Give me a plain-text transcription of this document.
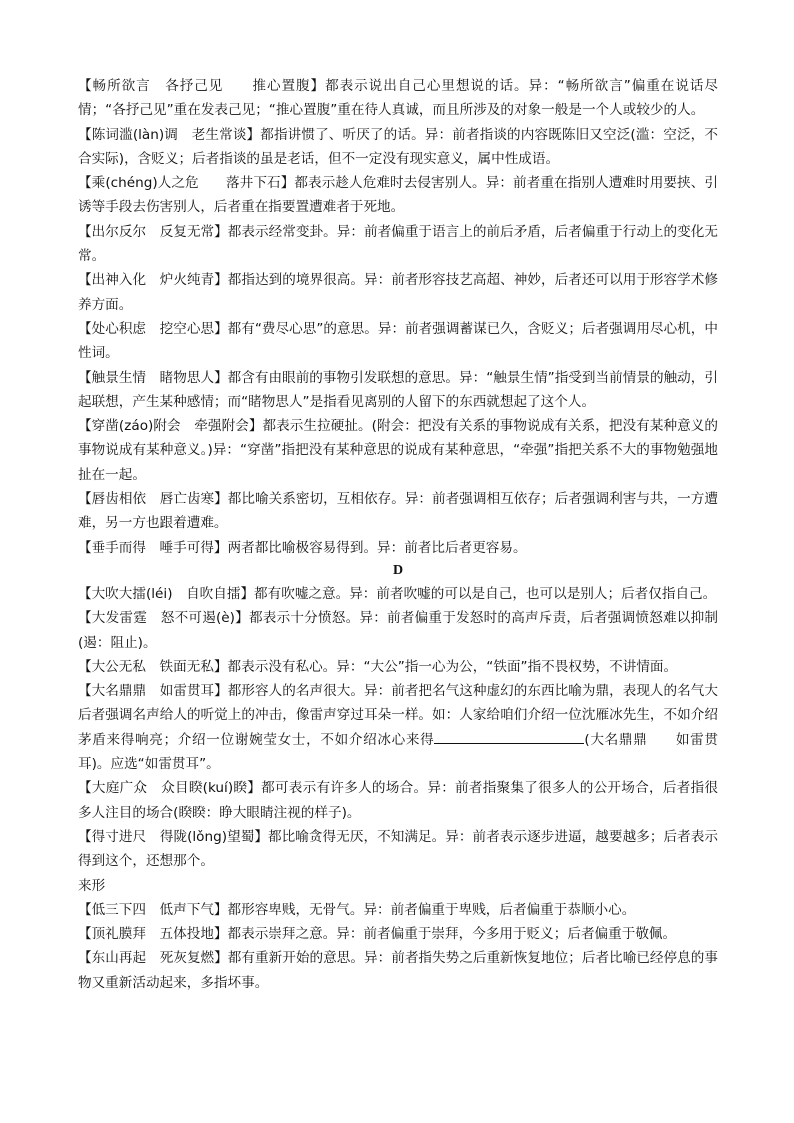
【畅所欲言　各抒己见　　推心置腹】都表示说出自己心里想说的话。异：“畅所欲言”偏重在说话尽情；“各抒己见”重在发表己见；“推心置腹”重在待人真诚，而且所涉及的对象一般是一个人或较少的人。

【陈词滥(làn)调　老生常谈】都指讲惯了、听厌了的话。异：前者指谈的内容既陈旧又空泛(滥：空泛，不合实际)，含贬义；后者指谈的虽是老话，但不一定没有现实意义，属中性成语。

【乘(chéng)人之危　　落井下石】都表示趁人危难时去侵害别人。异：前者重在指别人遭难时用要挟、引诱等手段去伤害别人，后者重在指要置遭难者于死地。

【出尔反尔　反复无常】都表示经常变卦。异：前者偏重于语言上的前后矛盾，后者偏重于行动上的变化无常。

【出神入化　炉火纯青】都指达到的境界很高。异：前者形容技艺高超、神妙，后者还可以用于形容学术修养方面。

【处心积虑　挖空心思】都有“费尽心思”的意思。异：前者强调蓄谋已久，含贬义；后者强调用尽心机，中性词。

【触景生情　睹物思人】都含有由眼前的事物引发联想的意思。异：“触景生情”指受到当前情景的触动，引起联想，产生某种感情；而“睹物思人”是指看见离别的人留下的东西就想起了这个人。

【穿凿(záo)附会　牵强附会】都表示生拉硬扯。(附会：把没有关系的事物说成有关系，把没有某种意义的事物说成有某种意义。)异：“穿凿”指把没有某种意思的说成有某种意思，“牵强”指把关系不大的事物勉强地扯在一起。

【唇齿相依　唇亡齿寒】都比喻关系密切，互相依存。异：前者强调相互依存；后者强调利害与共，一方遭难，另一方也跟着遭难。

【垂手而得　唾手可得】两者都比喻极容易得到。异：前者比后者更容易。

D

【大吹大擂(léi)　自吹自擂】都有吹嘘之意。异：前者吹嘘的可以是自己，也可以是别人；后者仅指自己。

【大发雷霆　怒不可遏(è)】都表示十分愤怒。异：前者偏重于发怒时的高声斥责，后者强调愤怒难以抑制(遏：阻止)。

【大公无私　铁面无私】都表示没有私心。异：“大公”指一心为公，“铁面”指不畏权势，不讲情面。

【大名鼎鼎　如雷贯耳】都形容人的名声很大。异：前者把名气这种虚幻的东西比喻为鼎，表现人的名气大后者强调名声给人的听觉上的冲击，像雷声穿过耳朵一样。如：人家给咱们介绍一位沈雁冰先生，不如介绍茅盾来得响亮；介绍一位谢婉莹女士，不如介绍冰心来得	(大名鼎鼎　　如雷贯耳)。应选“如雷贯耳”。

【大庭广众　众目睽(kuí)睽】都可表示有许多人的场合。异：前者指聚集了很多人的公开场合，后者指很多人注目的场合(睽睽：睁大眼睛注视的样子)。

【得寸进尺　得陇(lǒng)望蜀】都比喻贪得无厌，不知满足。异：前者表示逐步进逼，越要越多；后者表示得到这个，还想那个。

来形

【低三下四　低声下气】都形容卑贱，无骨气。异：前者偏重于卑贱，后者偏重于恭顺小心。

【顶礼膜拜　五体投地】都表示崇拜之意。异：前者偏重于崇拜，今多用于贬义；后者偏重于敬佩。

【东山再起　死灰复燃】都有重新开始的意思。异：前者指失势之后重新恢复地位；后者比喻已经停息的事物又重新活动起来，多指坏事。
